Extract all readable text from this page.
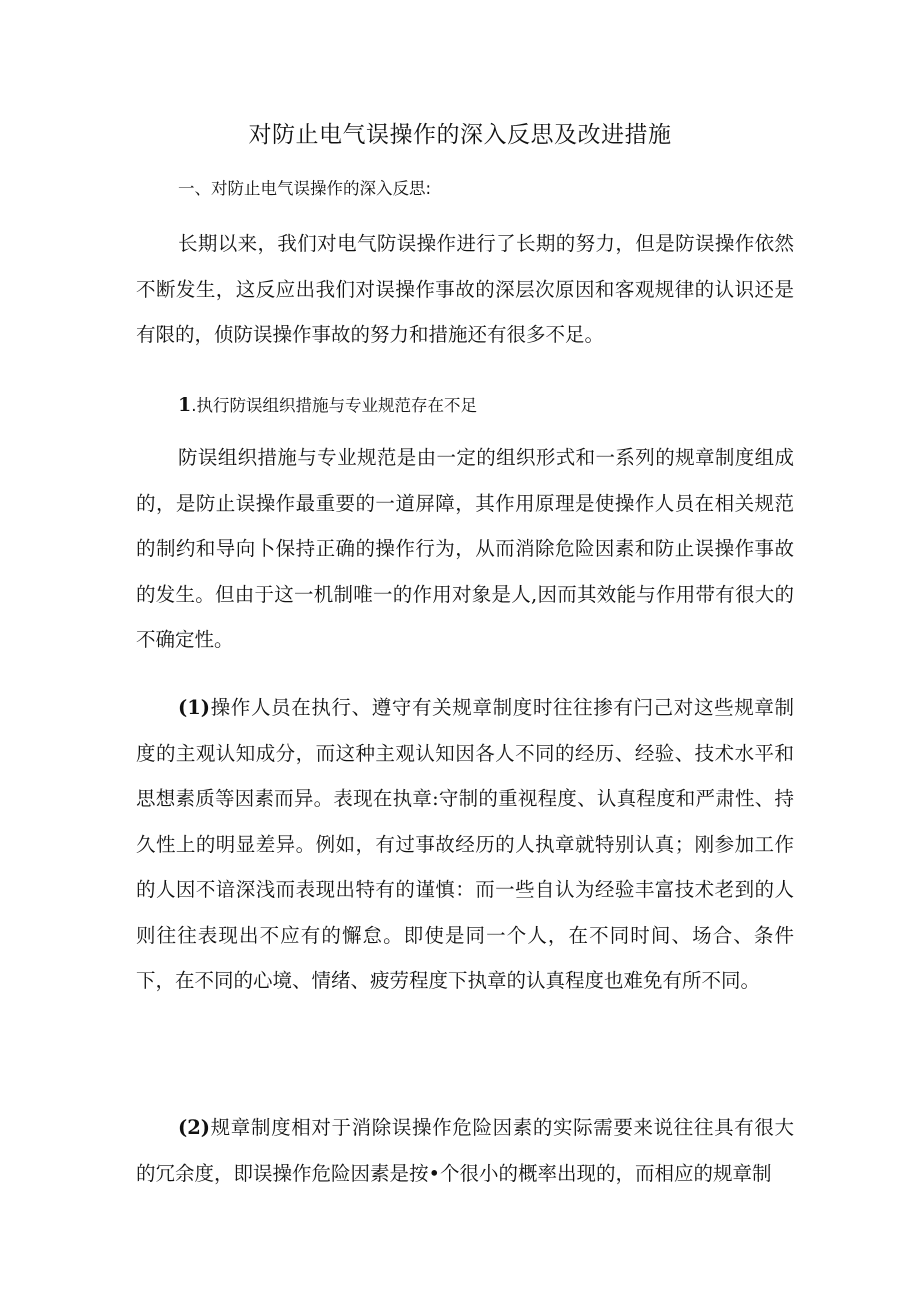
对防止电气误操作的深入反思及改进措施
一、对防止电气误操作的深入反思:

长期以来，我们对电气防误操作进行了长期的努力，但是防误操作依然不断发生，这反应出我们对误操作事故的深层次原因和客观规律的认识还是有限的，侦防误操作事故的努力和措施还有很多不足。

1.执行防误组织措施与专业规范存在不足

防误组织措施与专业规范是由一定的组织形式和一系列的规章制度组成的，是防止误操作最重要的一道屏障，其作用原理是使操作人员在相关规范的制约和导向卜保持正确的操作行为，从而消除危险因素和防止误操作事故的发生。但由于这一机制唯一的作用对象是人,因而其效能与作用带有很大的不确定性。

(1)操作人员在执行、遵守有关规章制度时往往掺有闩己对这些规章制度的主观认知成分，而这种主观认知因各人不同的经历、经验、技术水平和思想素质等因素而异。表现在执章:守制的重视程度、认真程度和严肃性、持久性上的明显差异。例如，有过事故经历的人执章就特别认真；刚参加工作的人因不谙深浅而表现出特有的谨慎：而一些自认为经验丰富技术老到的人则往往表现出不应有的懈怠。即使是同一个人，在不同时间、场合、条件下，在不同的心境、情绪、疲劳程度下执章的认真程度也难免有所不同。

(2)规章制度相对于消除误操作危险因素的实际需要来说往往具有很大的冗余度，即误操作危险因素是按•个很小的概率出现的，而相应的规章制
